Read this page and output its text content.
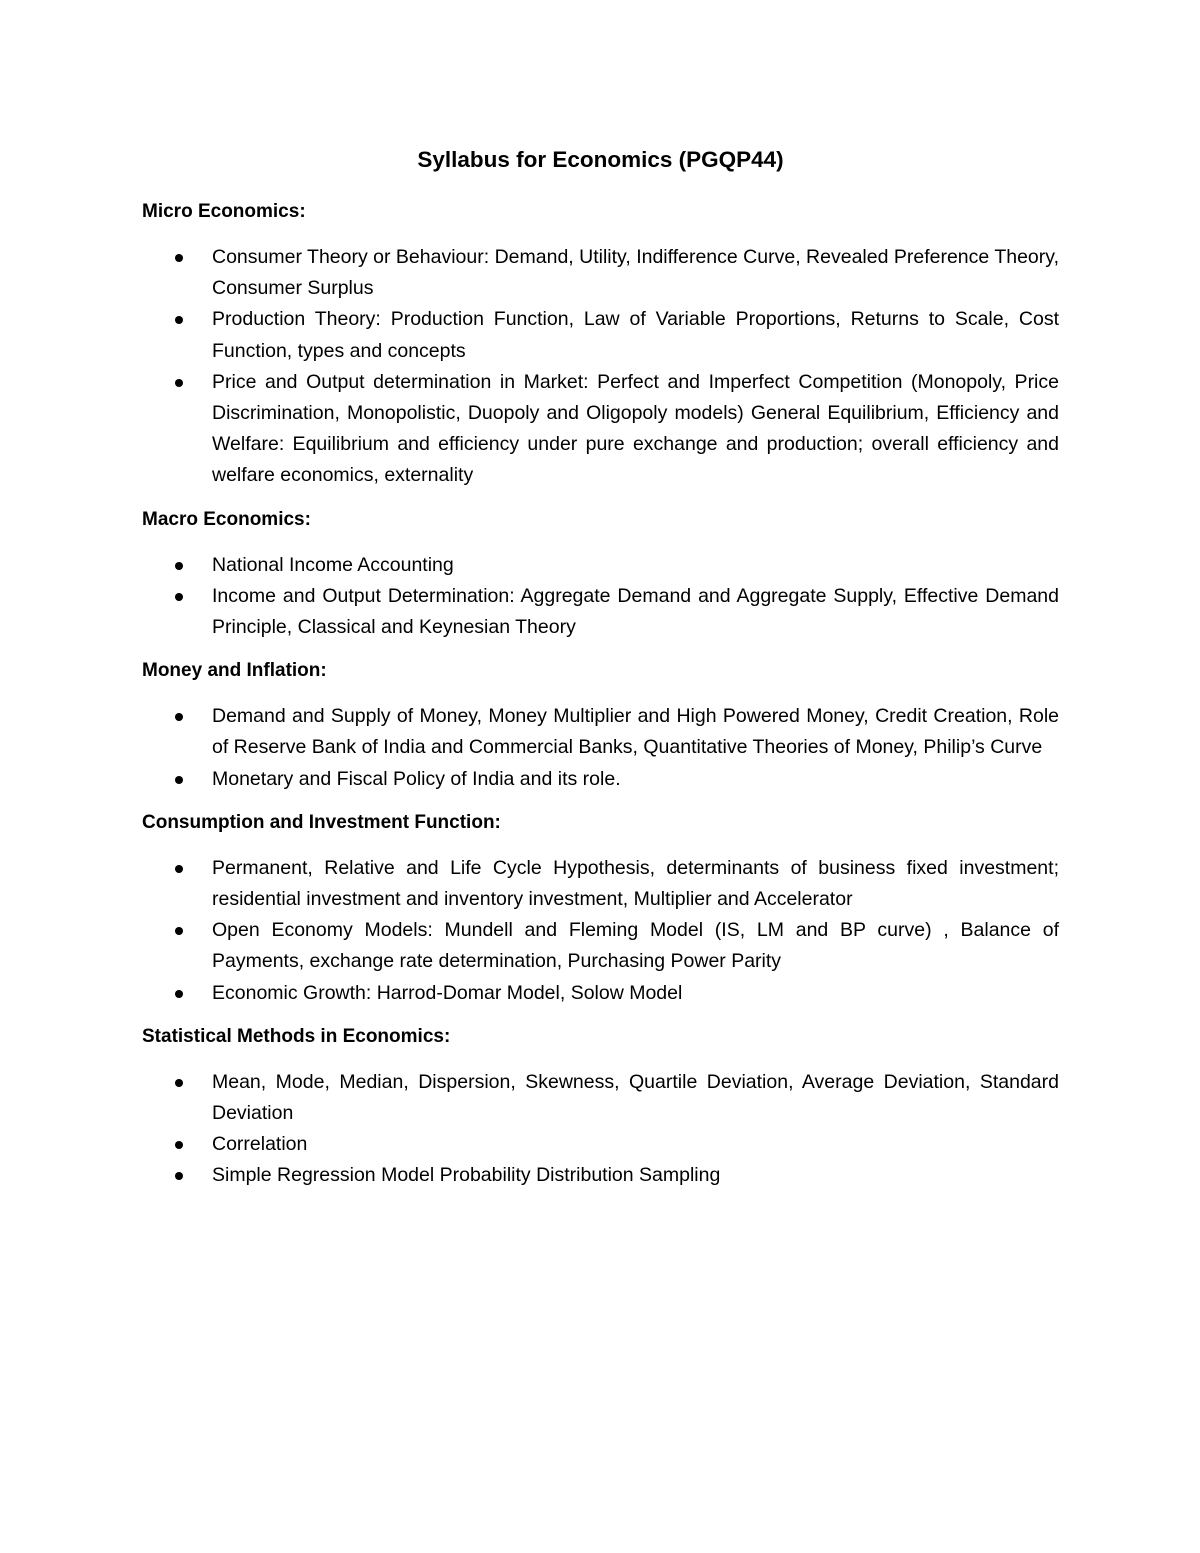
Syllabus for Economics (PGQP44)
Micro Economics:
Consumer Theory or Behaviour: Demand, Utility, Indifference Curve, Revealed Preference Theory, Consumer Surplus
Production Theory: Production Function, Law of Variable Proportions, Returns to Scale, Cost Function, types and concepts
Price and Output determination in Market: Perfect and Imperfect Competition (Monopoly, Price Discrimination, Monopolistic, Duopoly and Oligopoly models) General Equilibrium, Efficiency and Welfare: Equilibrium and efficiency under pure exchange and production; overall efficiency and welfare economics, externality
Macro Economics:
National Income Accounting
Income and Output Determination: Aggregate Demand and Aggregate Supply, Effective Demand Principle, Classical and Keynesian Theory
Money and Inflation:
Demand and Supply of Money, Money Multiplier and High Powered Money, Credit Creation, Role of Reserve Bank of India and Commercial Banks, Quantitative Theories of Money, Philip’s Curve
Monetary and Fiscal Policy of India and its role.
Consumption and Investment Function:
Permanent, Relative and Life Cycle Hypothesis, determinants of business fixed investment; residential investment and inventory investment, Multiplier and Accelerator
Open Economy Models: Mundell and Fleming Model (IS, LM and BP curve) , Balance of Payments, exchange rate determination, Purchasing Power Parity
Economic Growth: Harrod-Domar Model, Solow Model
Statistical Methods in Economics:
Mean, Mode, Median, Dispersion, Skewness, Quartile Deviation, Average Deviation, Standard Deviation
Correlation
Simple Regression Model Probability Distribution Sampling
